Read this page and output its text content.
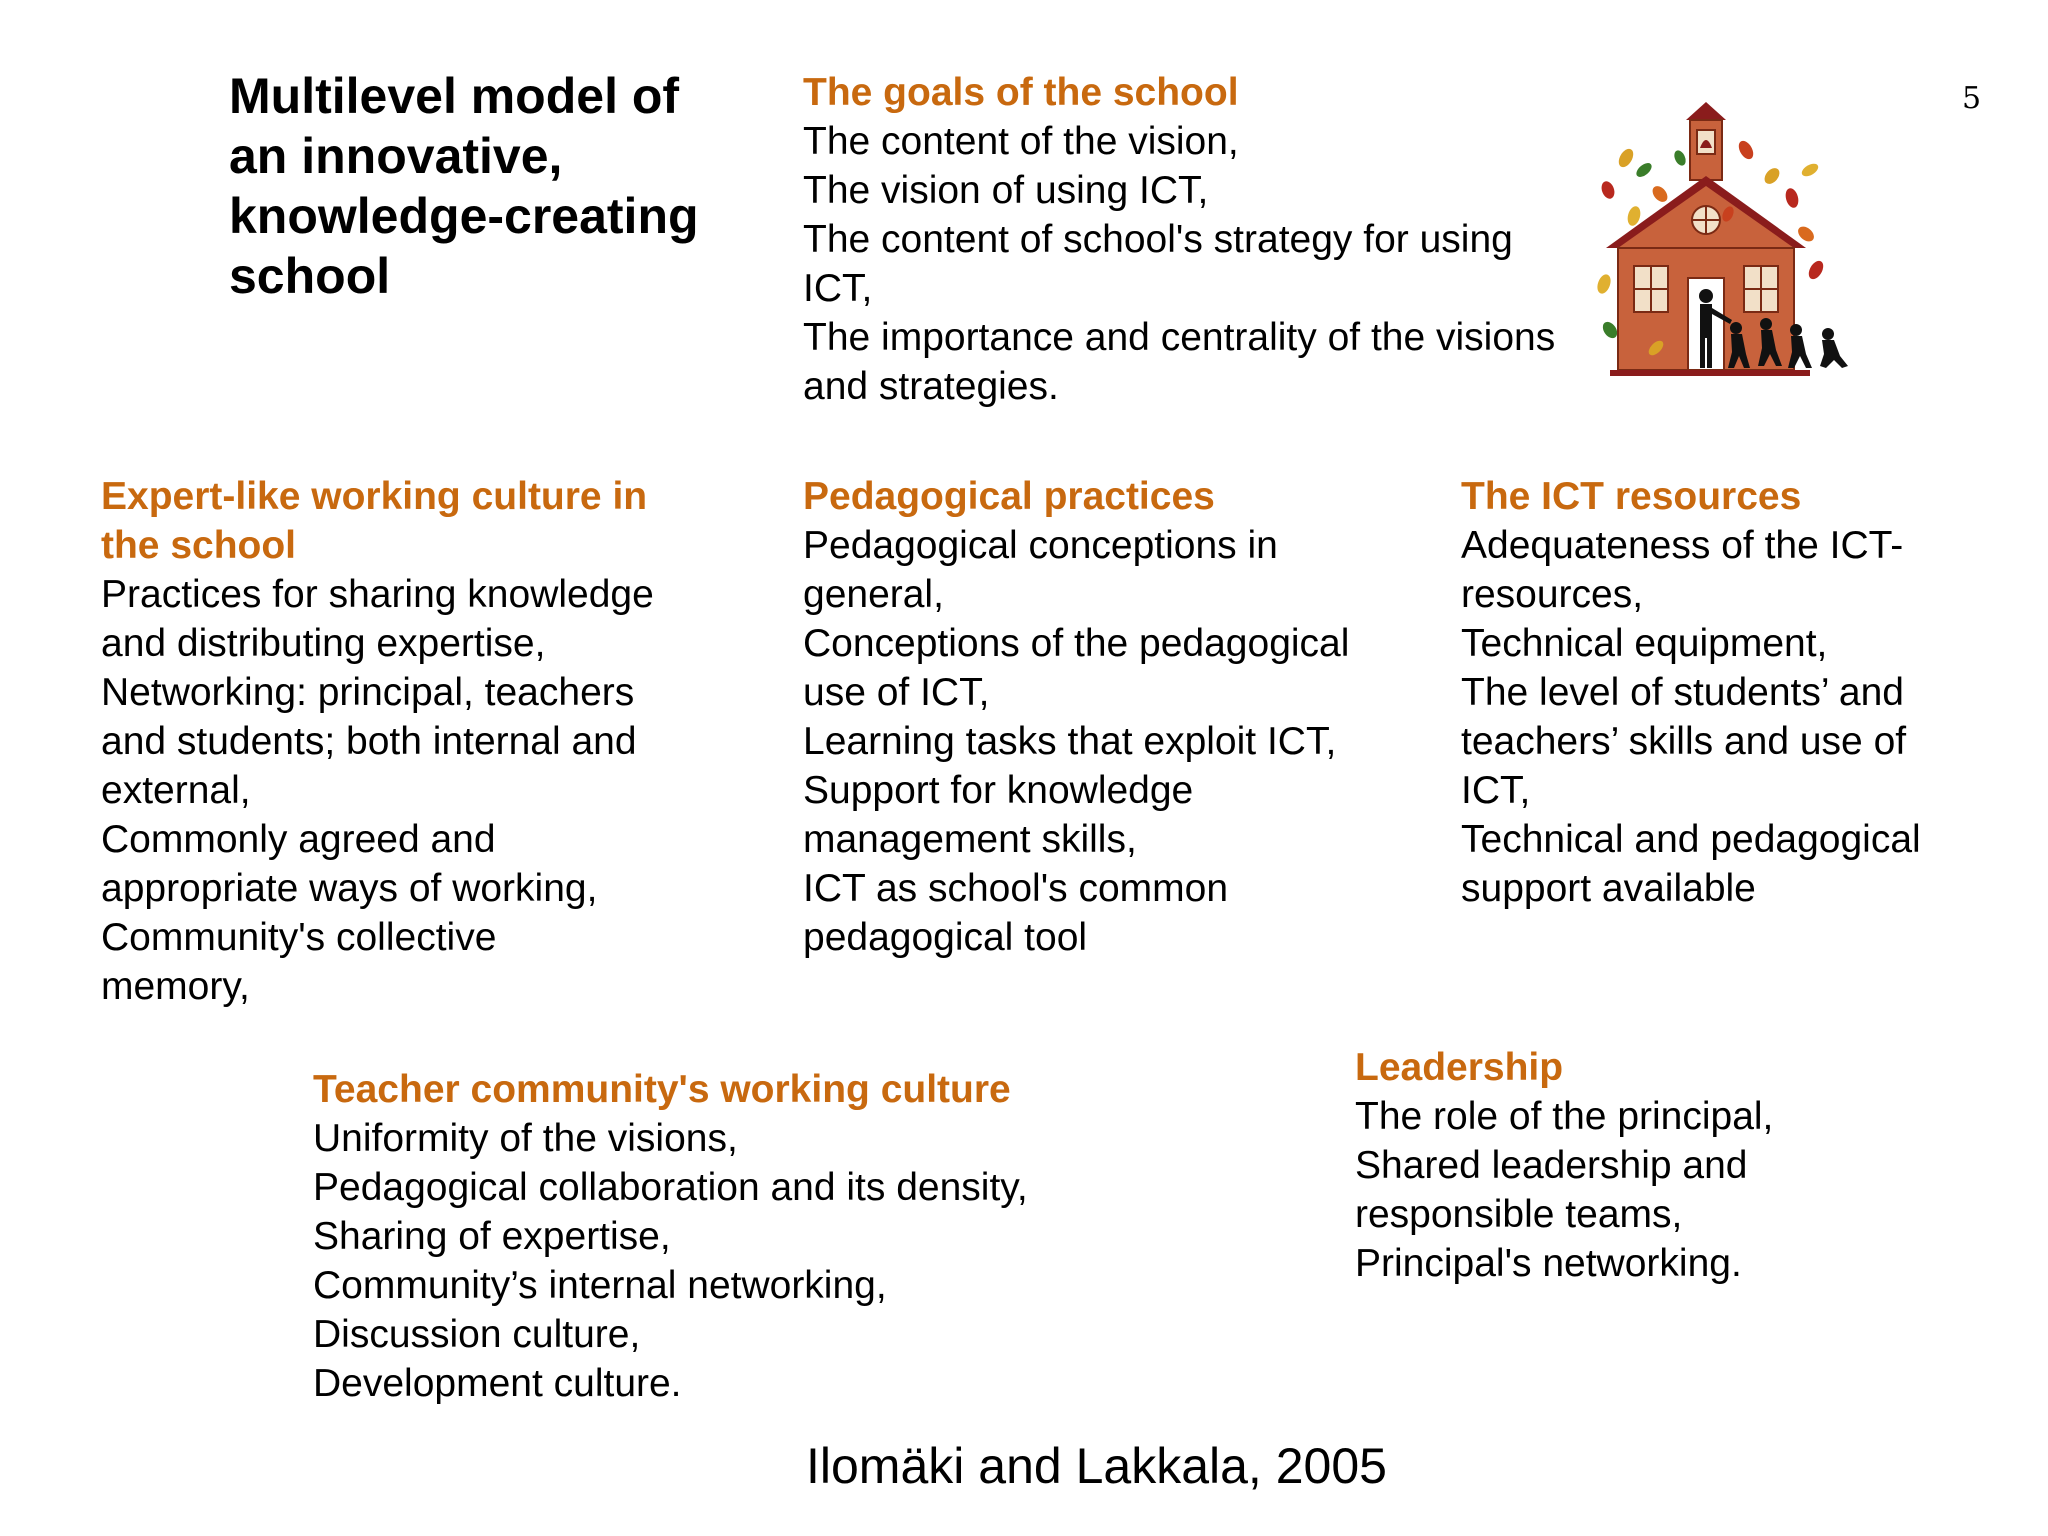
Multilevel model of
an innovative,
knowledge-creating
school
5
The goals of the school
The content of the vision,
The vision of using ICT,
The content of school's strategy for using
ICT,
The importance and centrality of the visions
and strategies.
Expert-like working culture in
the school
Practices for sharing knowledge
and distributing expertise,
Networking: principal, teachers
and students; both internal and
external,
Commonly agreed and
appropriate ways of working,
Community's collective
memory,
Pedagogical practices
Pedagogical conceptions in
general,
Conceptions of the pedagogical
use of ICT,
Learning tasks that exploit ICT,
Support for knowledge
management skills,
ICT as school's common
pedagogical tool
The ICT resources
Adequateness of the ICT-
resources,
Technical equipment,
The level of students’ and
teachers’ skills and use of
ICT,
Technical and pedagogical
support available
Teacher community's working culture
Uniformity of the visions,
Pedagogical collaboration and its density,
Sharing of expertise,
Community’s internal networking,
Discussion culture,
Development culture.
Leadership
The role of the principal,
Shared leadership and
responsible teams,
Principal's networking.
Ilomäki and Lakkala, 2005
